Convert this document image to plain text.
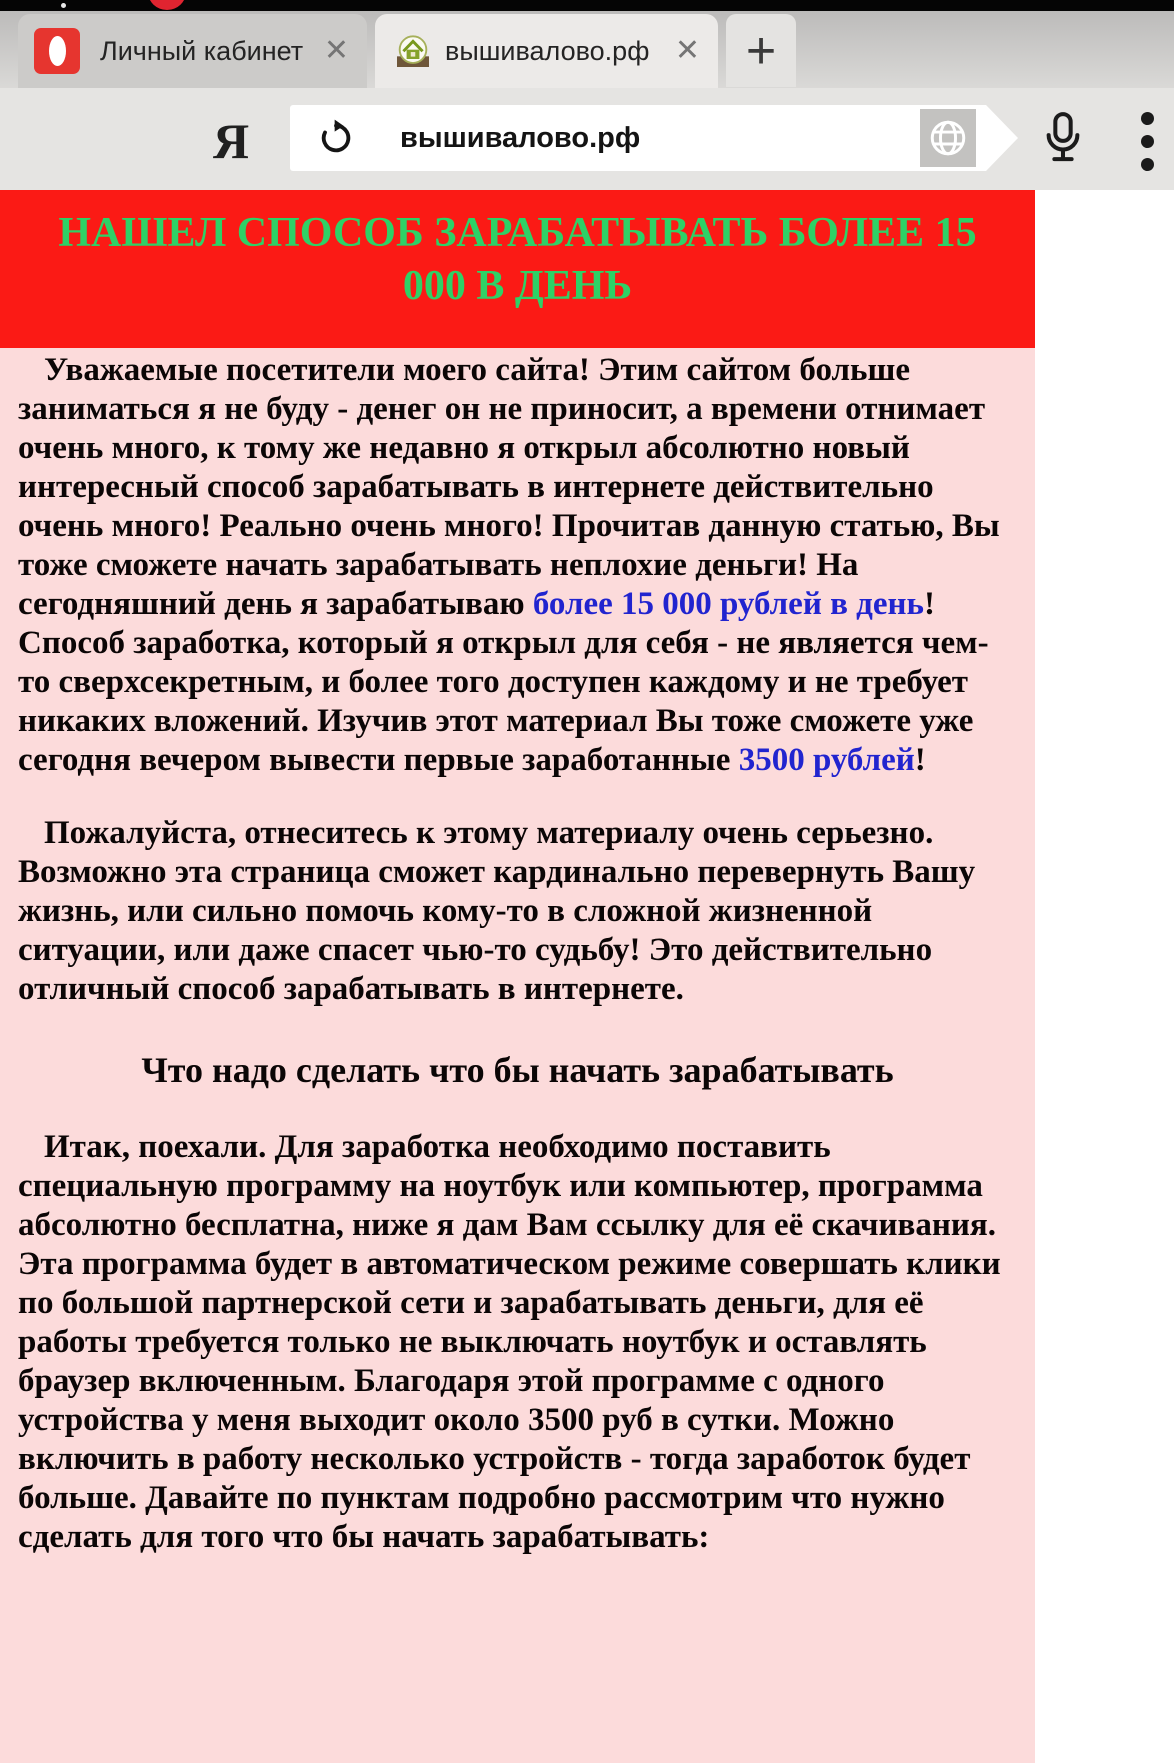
Личный кабинет ✕	вышивалово.рф ✕ +
Я	вышивалово.рф
НАШЕЛ СПОСОБ ЗАРАБАТЫВАТЬ БОЛЕЕ 15
000 В ДЕНЬ

Уважаемые посетители моего сайта! Этим сайтом больше заниматься я не буду - денег он не приносит, а времени отнимает очень много, к тому же недавно я открыл абсолютно новый интересный способ зарабатывать в интернете действительно очень много! Реально очень много! Прочитав данную статью, Вы тоже сможете начать зарабатывать неплохие деньги! На сегодняшний день я зарабатываю более 15 000 рублей в день! Способ заработка, который я открыл для себя - не является чем-то сверхсекретным, и более того доступен каждому и не требует никаких вложений. Изучив этот материал Вы тоже сможете уже сегодня вечером вывести первые заработанные 3500 рублей!

Пожалуйста, отнеситесь к этому материалу очень серьезно. Возможно эта страница сможет кардинально перевернуть Вашу жизнь, или сильно помочь кому-то в сложной жизненной ситуации, или даже спасет чью-то судьбу! Это действительно отличный способ зарабатывать в интернете.

Что надо сделать что бы начать зарабатывать

Итак, поехали. Для заработка необходимо поставить специальную программу на ноутбук или компьютер, программа абсолютно бесплатна, ниже я дам Вам ссылку для её скачивания. Эта программа будет в автоматическом режиме совершать клики по большой партнерской сети и зарабатывать деньги, для её работы требуется только не выключать ноутбук и оставлять браузер включенным. Благодаря этой программе с одного устройства у меня выходит около 3500 руб в сутки. Можно включить в работу несколько устройств - тогда заработок будет больше. Давайте по пунктам подробно рассмотрим что нужно сделать для того что бы начать зарабатывать:
